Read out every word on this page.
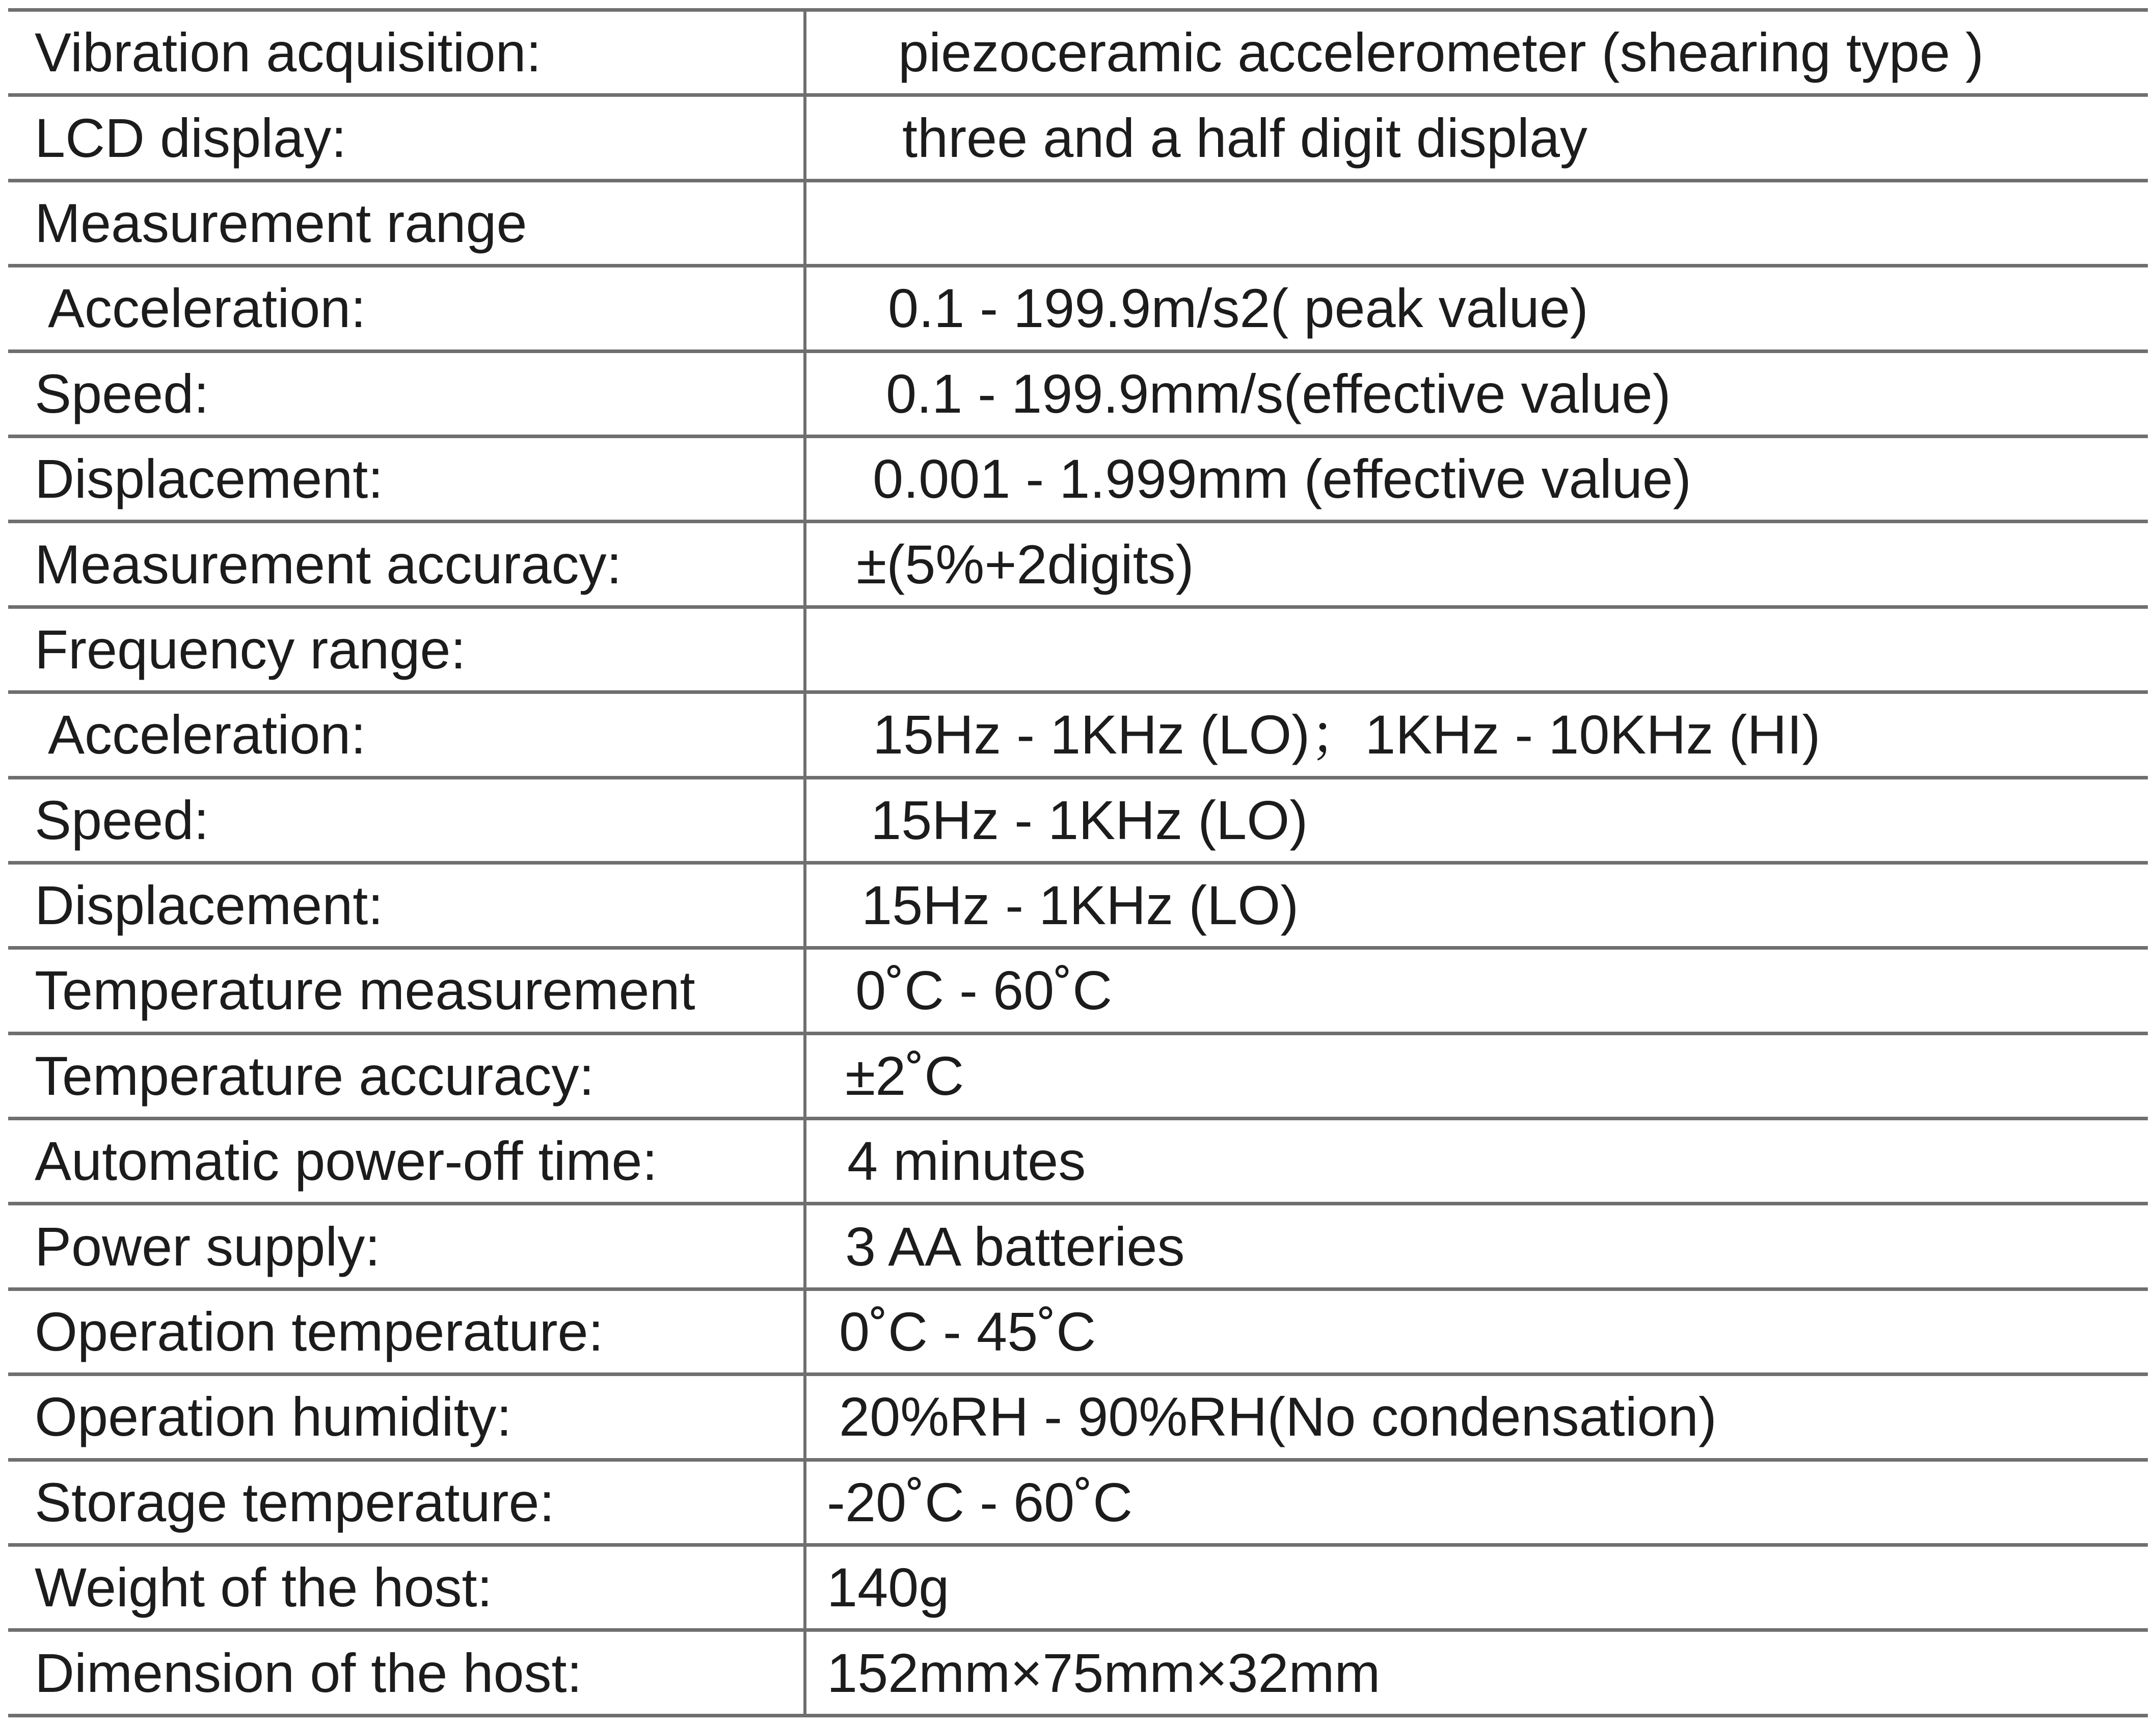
Vibration acquisition:	piezoceramic accelerometer (shearing type )
LCD display:	three and a half digit display
Measurement range	
Acceleration:	0.1 - 199.9m/s2( peak value)
Speed:	0.1 - 199.9mm/s(effective value)
Displacement:	0.001 - 1.999mm (effective value)
Measurement accuracy:	±(5%+2digits)
Frequency range:	
Acceleration:	15Hz - 1KHz (LO)；1KHz - 10KHz (HI)
Speed:	15Hz - 1KHz (LO)
Displacement:	15Hz - 1KHz (LO)
Temperature measurement	0˚C - 60˚C
Temperature accuracy:	±2˚C
Automatic power-off time:	4 minutes
Power supply:	3 AA batteries
Operation temperature:	0˚C - 45˚C
Operation humidity:	20%RH - 90%RH(No condensation)
Storage temperature:	-20˚C - 60˚C
Weight of the host:	140g
Dimension of the host:	152mm×75mm×32mm
